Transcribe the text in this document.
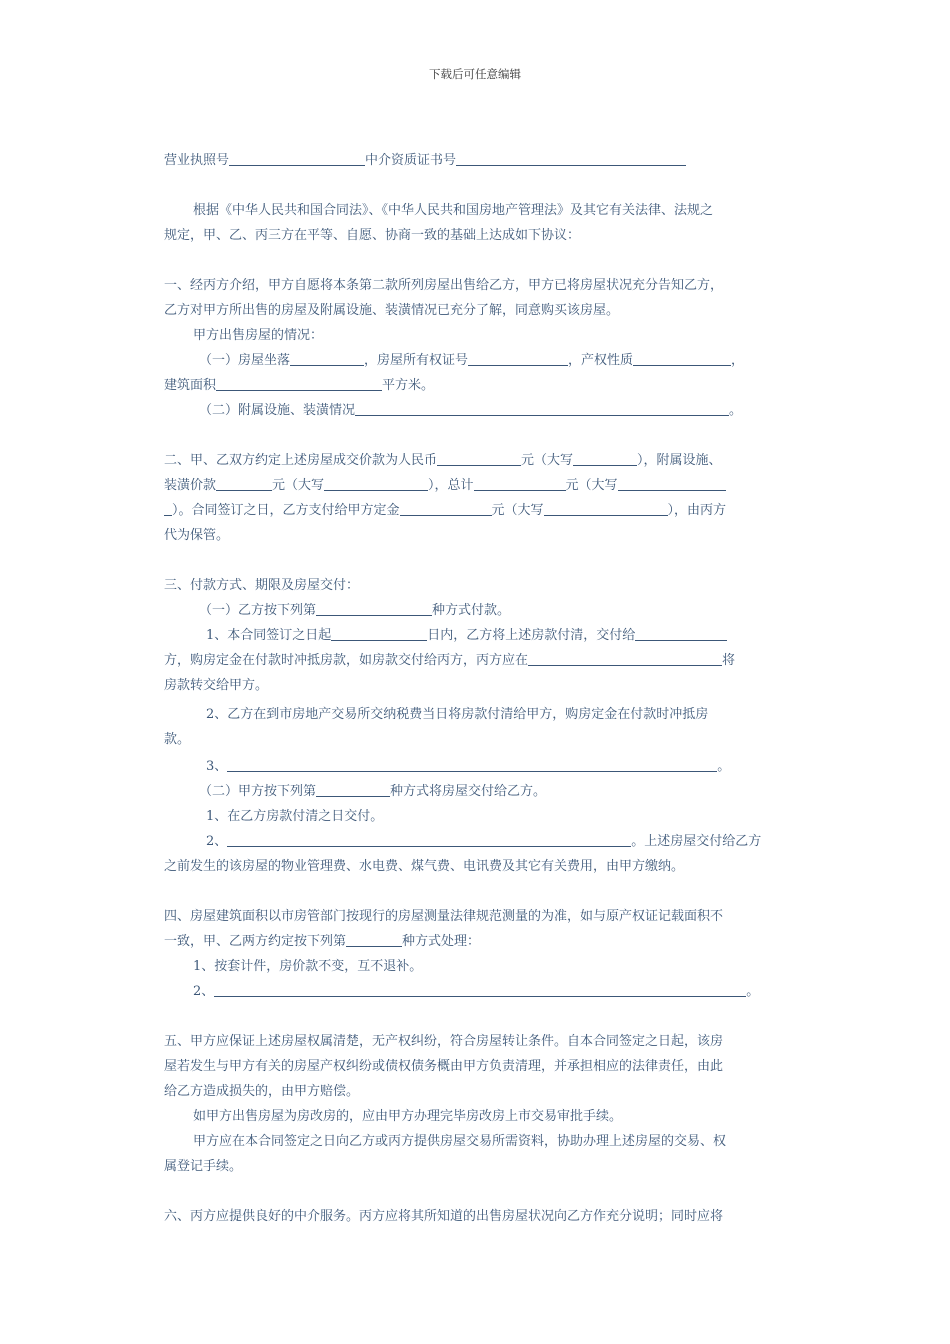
下载后可任意编辑

营业执照号	中介资质证书号

根据《中华人民共和国合同法》、《中华人民共和国房地产管理法》及其它有关法律、法规之

规定，甲、乙、丙三方在平等、自愿、协商一致的基础上达成如下协议：

一、经丙方介绍，甲方自愿将本条第二款所列房屋出售给乙方，甲方已将房屋状况充分告知乙方，

乙方对甲方所出售的房屋及附属设施、装潢情况已充分了解，同意购买该房屋。

甲方出售房屋的情况：

（一）房屋坐落	，房屋所有权证号	，产权性质	，

建筑面积	平方米。

（二）附属设施、装潢情况	。

二、甲、乙双方约定上述房屋成交价款为人民币	元（大写	），附属设施、

装潢价款	元（大写	），总计	元（大写

）。合同签订之日，乙方支付给甲方定金	元（大写	），由丙方

代为保管。

三、付款方式、期限及房屋交付：

（一）乙方按下列第	种方式付款。

1、本合同签订之日起	日内，乙方将上述房款付清，交付给

方，购房定金在付款时冲抵房款，如房款交付给丙方，丙方应在	将

房款转交给甲方。

2、乙方在到市房地产交易所交纳税费当日将房款付清给甲方，购房定金在付款时冲抵房

款。

3、	。

（二）甲方按下列第	种方式将房屋交付给乙方。

1、在乙方房款付清之日交付。

2、	。上述房屋交付给乙方

之前发生的该房屋的物业管理费、水电费、煤气费、电讯费及其它有关费用，由甲方缴纳。

四、房屋建筑面积以市房管部门按现行的房屋测量法律规范测量的为准，如与原产权证记载面积不

一致，甲、乙两方约定按下列第	种方式处理：

1、按套计件，房价款不变，互不退补。

2、	。

五、甲方应保证上述房屋权属清楚，无产权纠纷，符合房屋转让条件。自本合同签定之日起，该房

屋若发生与甲方有关的房屋产权纠纷或债权债务概由甲方负责清理，并承担相应的法律责任，由此

给乙方造成损失的，由甲方赔偿。

如甲方出售房屋为房改房的，应由甲方办理完毕房改房上市交易审批手续。

甲方应在本合同签定之日向乙方或丙方提供房屋交易所需资料，协助办理上述房屋的交易、权

属登记手续。

六、丙方应提供良好的中介服务。丙方应将其所知道的出售房屋状况向乙方作充分说明；同时应将
